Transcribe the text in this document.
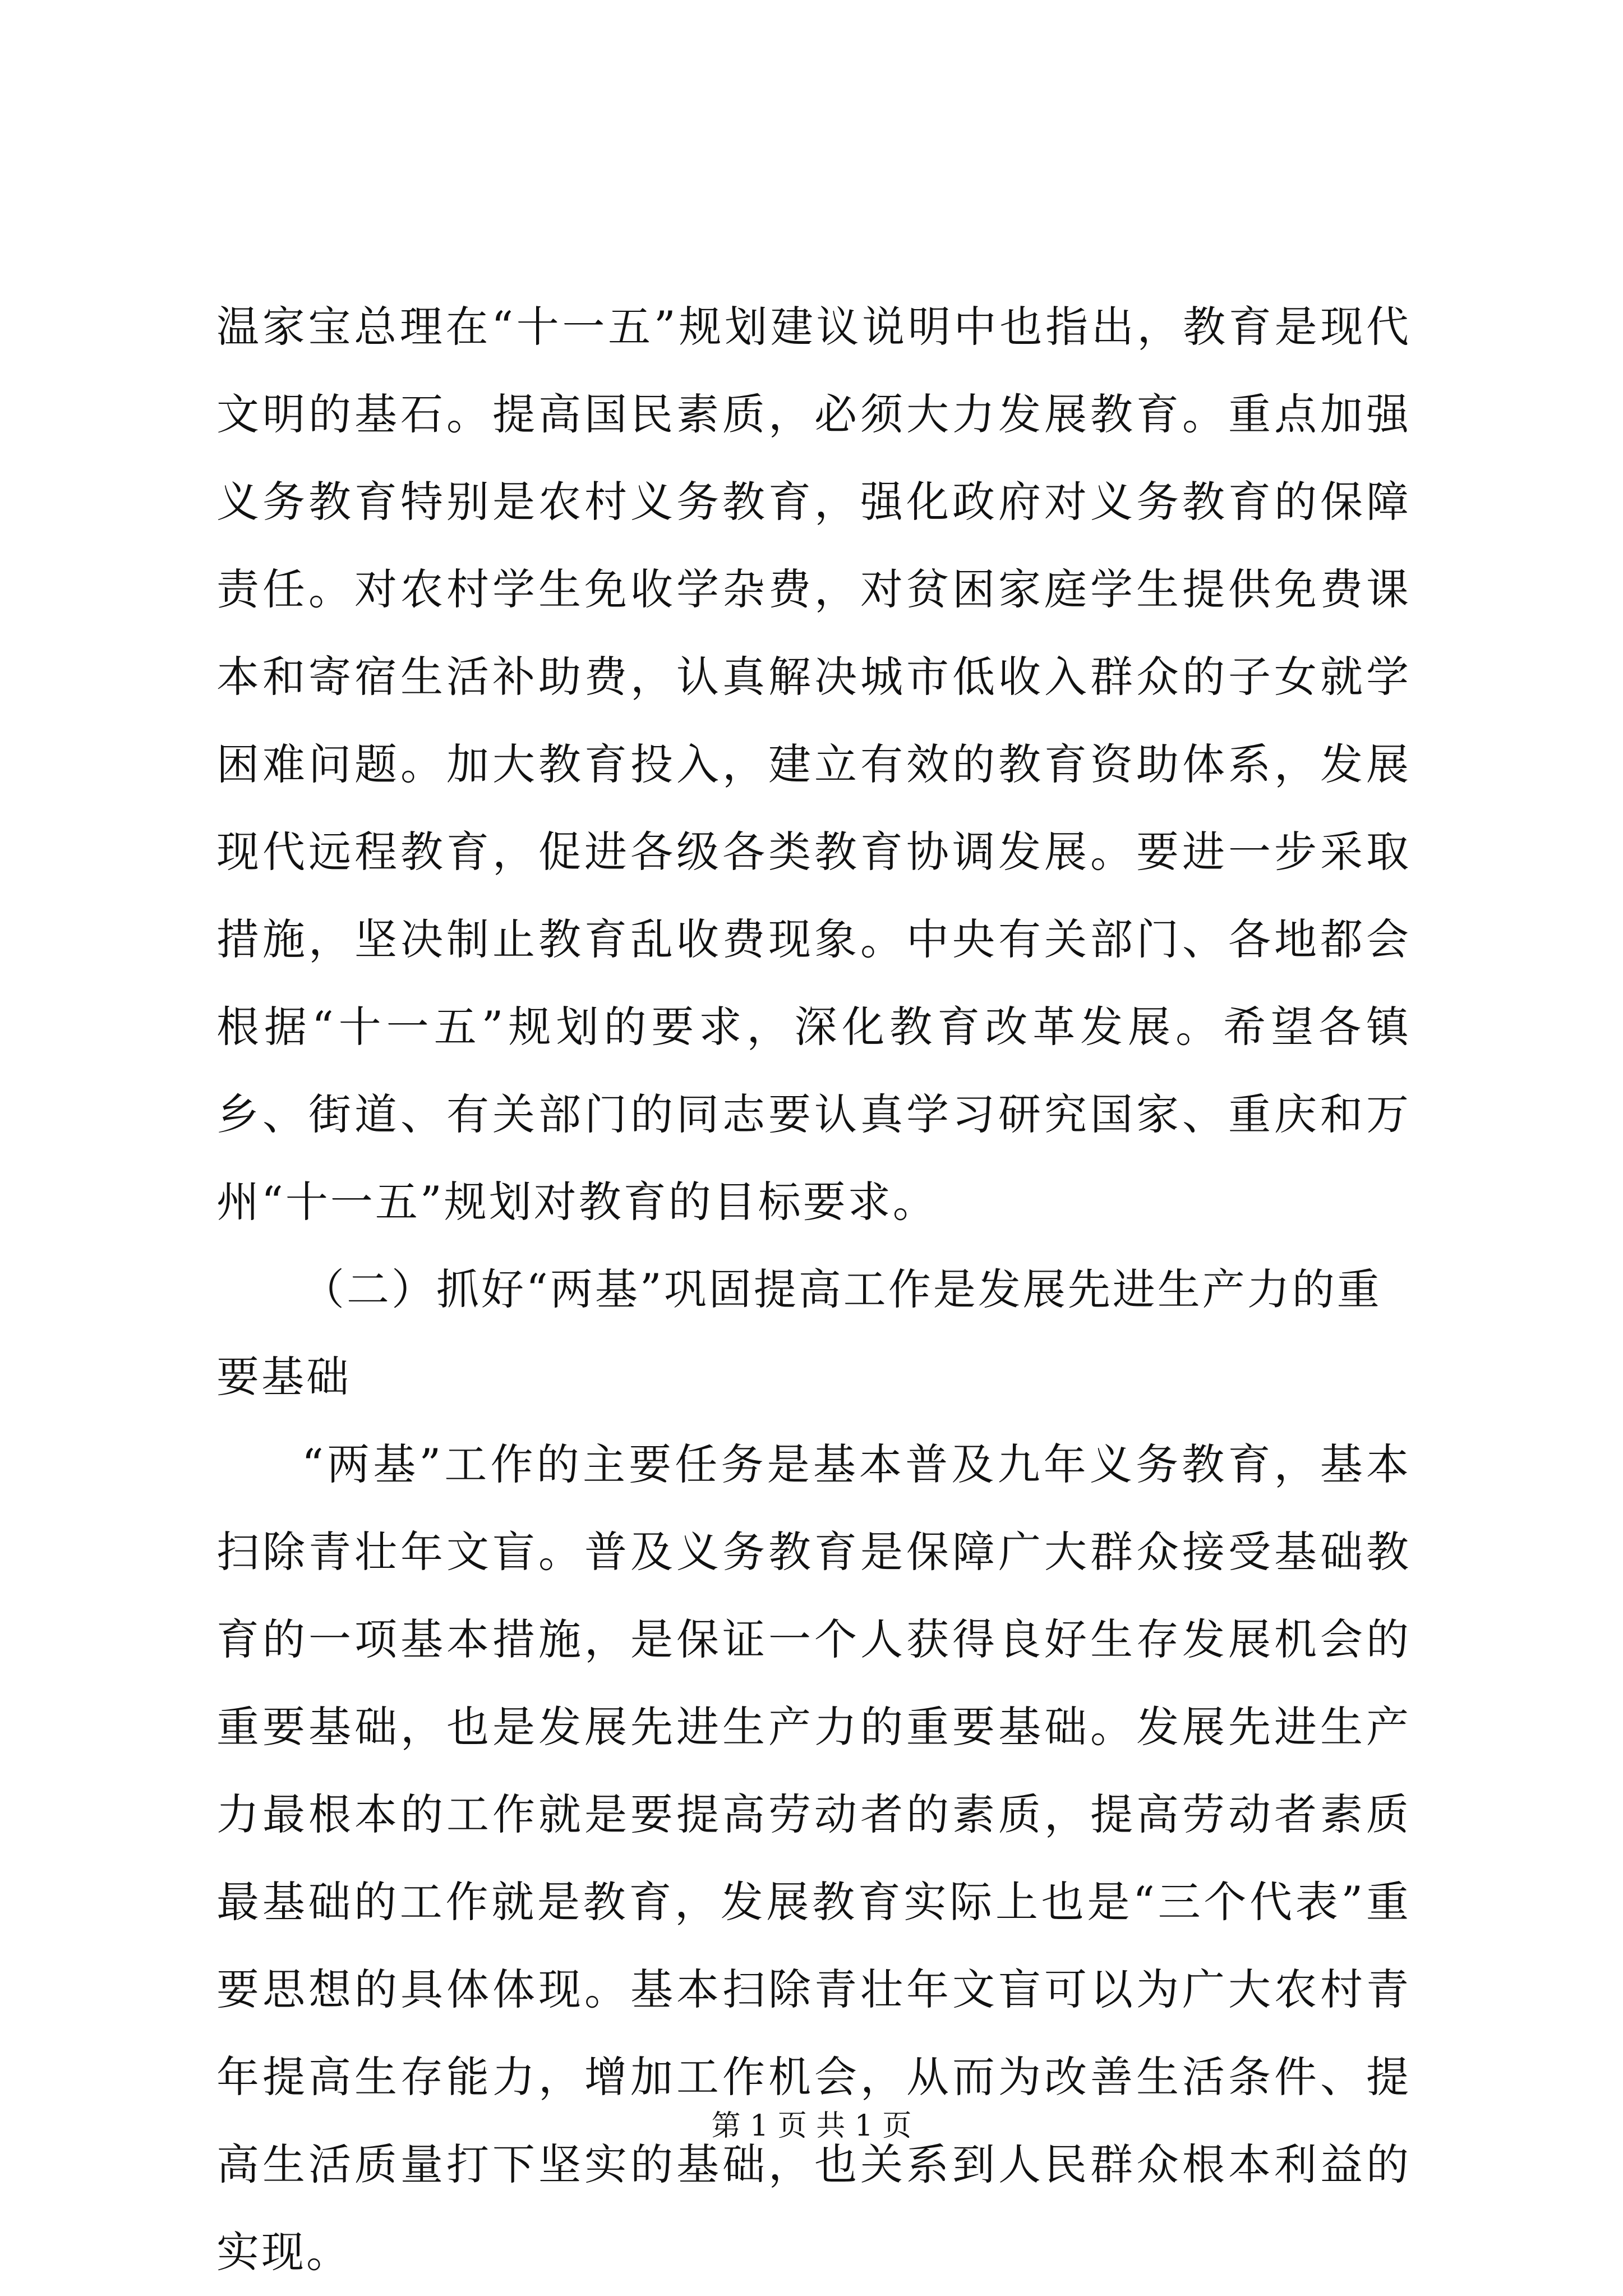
温家宝总理在“十一五”规划建议说明中也指出，教育是现代文明的基石。提高国民素质，必须大力发展教育。重点加强义务教育特别是农村义务教育，强化政府对义务教育的保障责任。对农村学生免收学杂费，对贫困家庭学生提供免费课本和寄宿生活补助费，认真解决城市低收入群众的子女就学困难问题。加大教育投入，建立有效的教育资助体系，发展现代远程教育，促进各级各类教育协调发展。要进一步采取措施，坚决制止教育乱收费现象。中央有关部门、各地都会根据“十一五”规划的要求，深化教育改革发展。希望各镇乡、街道、有关部门的同志要认真学习研究国家、重庆和万州“十一五”规划对教育的目标要求。

（二）抓好“两基”巩固提高工作是发展先进生产力的重要基础

“两基”工作的主要任务是基本普及九年义务教育，基本扫除青壮年文盲。普及义务教育是保障广大群众接受基础教育的一项基本措施，是保证一个人获得良好生存发展机会的重要基础，也是发展先进生产力的重要基础。发展先进生产力最根本的工作就是要提高劳动者的素质，提高劳动者素质最基础的工作就是教育，发展教育实际上也是“三个代表”重要思想的具体体现。基本扫除青壮年文盲可以为广大农村青年提高生存能力，增加工作机会，从而为改善生活条件、提高生活质量打下坚实的基础，也关系到人民群众根本利益的实现。

第 1 页 共 1 页
